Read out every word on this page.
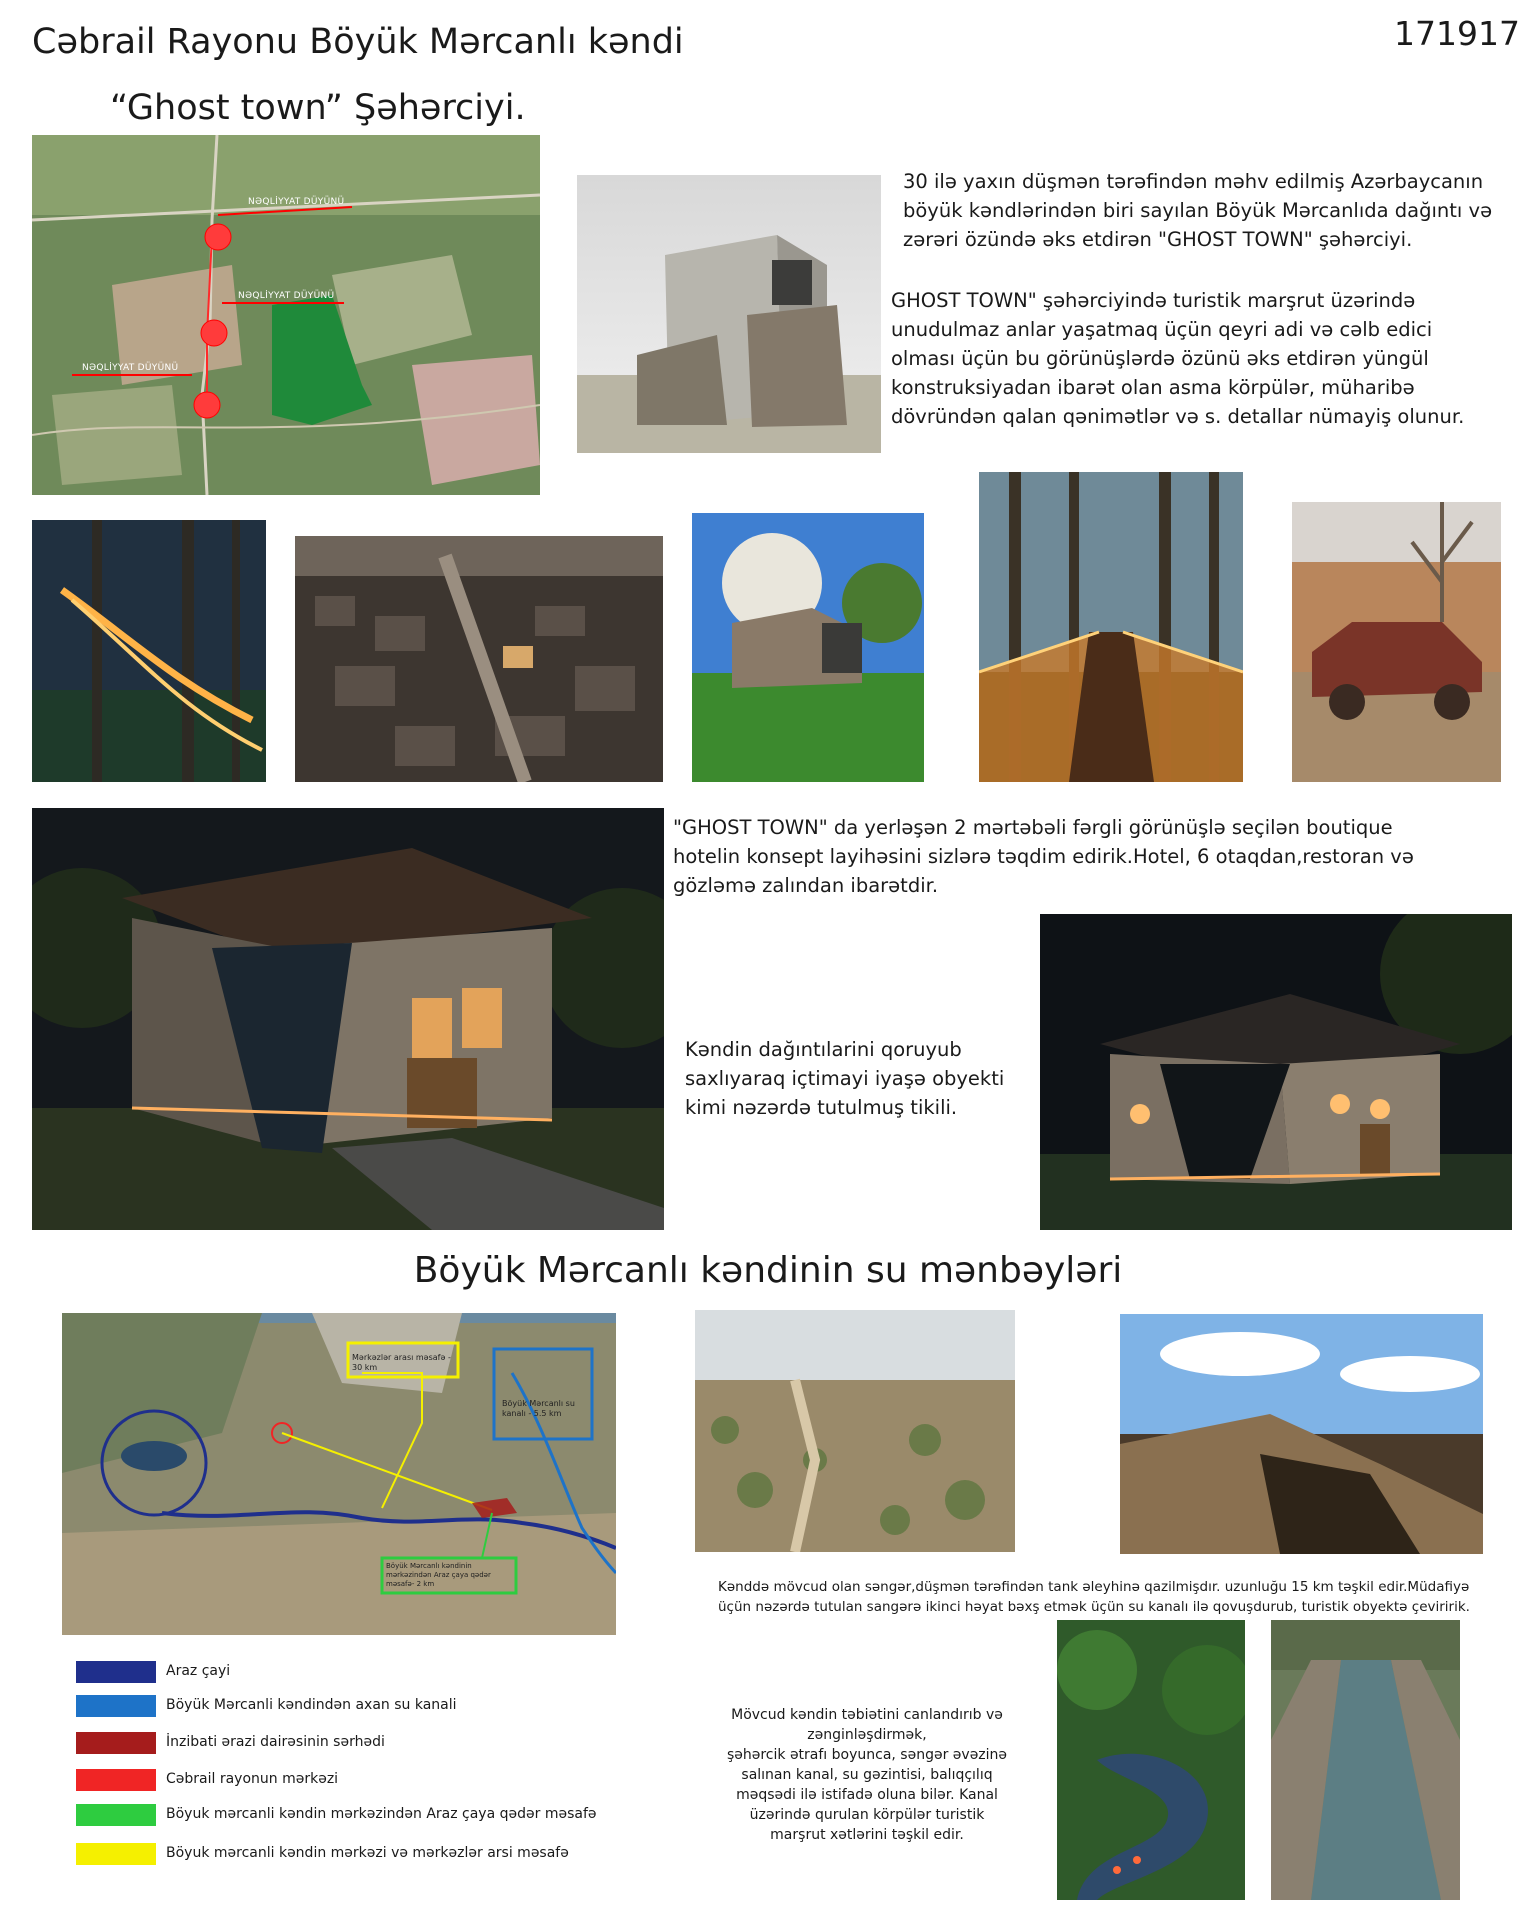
Cəbrail Rayonu Böyük Mərcanlı kəndi
“Ghost town” Şəhərciyi.
171917
NƏQLİYYAT DÜYÜNÜ
NƏQLİYYAT DÜYÜNÜ
NƏQLİYYAT DÜYÜNÜ
30 ilə yaxın düşmən tərəfindən məhv edilmiş Azərbaycanın böyük kəndlərindən biri sayılan Böyük Mərcanlıda dağıntı və zərəri özündə əks etdirən "GHOST TOWN" şəhərciyi.
GHOST TOWN" şəhərciyində turistik marşrut üzərində unudulmaz anlar yaşatmaq üçün qeyri adi və cəlb edici olması üçün bu görünüşlərdə özünü əks etdirən yüngül konstruksiyadan ibarət olan asma körpülər, müharibə dövründən qalan qənimətlər və s. detallar nümayiş olunur.
"GHOST TOWN" da yerləşən 2 mərtəbəli fərgli görünüşlə seçilən boutique hotelin konsept layihəsini sizlərə təqdim edirik.Hotel, 6 otaqdan,restoran və gözləmə zalından ibarətdir.
Kəndin dağıntılarini qoruyub saxlıyaraq içtimayi iyaşə obyekti kimi nəzərdə tutulmuş tikili.
Böyük Mərcanlı kəndinin su mənbəyləri
Mərkəzlər arası məsafə - 30 km
Böyük Mərcanlı su kanalı - 5.5 km
Böyük Mərcanlı kəndinin mərkəzindən Araz çaya qədər məsafə- 2 km	Kənddə mövcud olan səngər,düşmən tərəfindən tank əleyhinə qazilmişdır. uzunluğu 15 km təşkil edir.Müdafiyə üçün nəzərdə tutulan sangərə ikinci həyat bəxş etmək üçün su kanalı ilə qovuşdurub, turistik obyektə çeviririk.
Mövcud kəndin təbiətini canlandırıb və zənginləşdirmək,
şəhərcik ətrafı boyunca, səngər əvəzinə salınan kanal, su gəzintisi, balıqçılıq məqsədi ilə istifadə oluna bilər. Kanal üzərində qurulan körpülər turistik marşrut xətlərini təşkil edir.
Araz çayi
Böyük Mərcanli kəndindən axan su kanali
İnzibati ərazi dairəsinin sərhədi
Cəbrail rayonun mərkəzi
Böyuk mərcanli kəndin mərkəzindən Araz çaya qədər məsafə
Böyuk mərcanli kəndin mərkəzi və mərkəzlər arsi məsafə
